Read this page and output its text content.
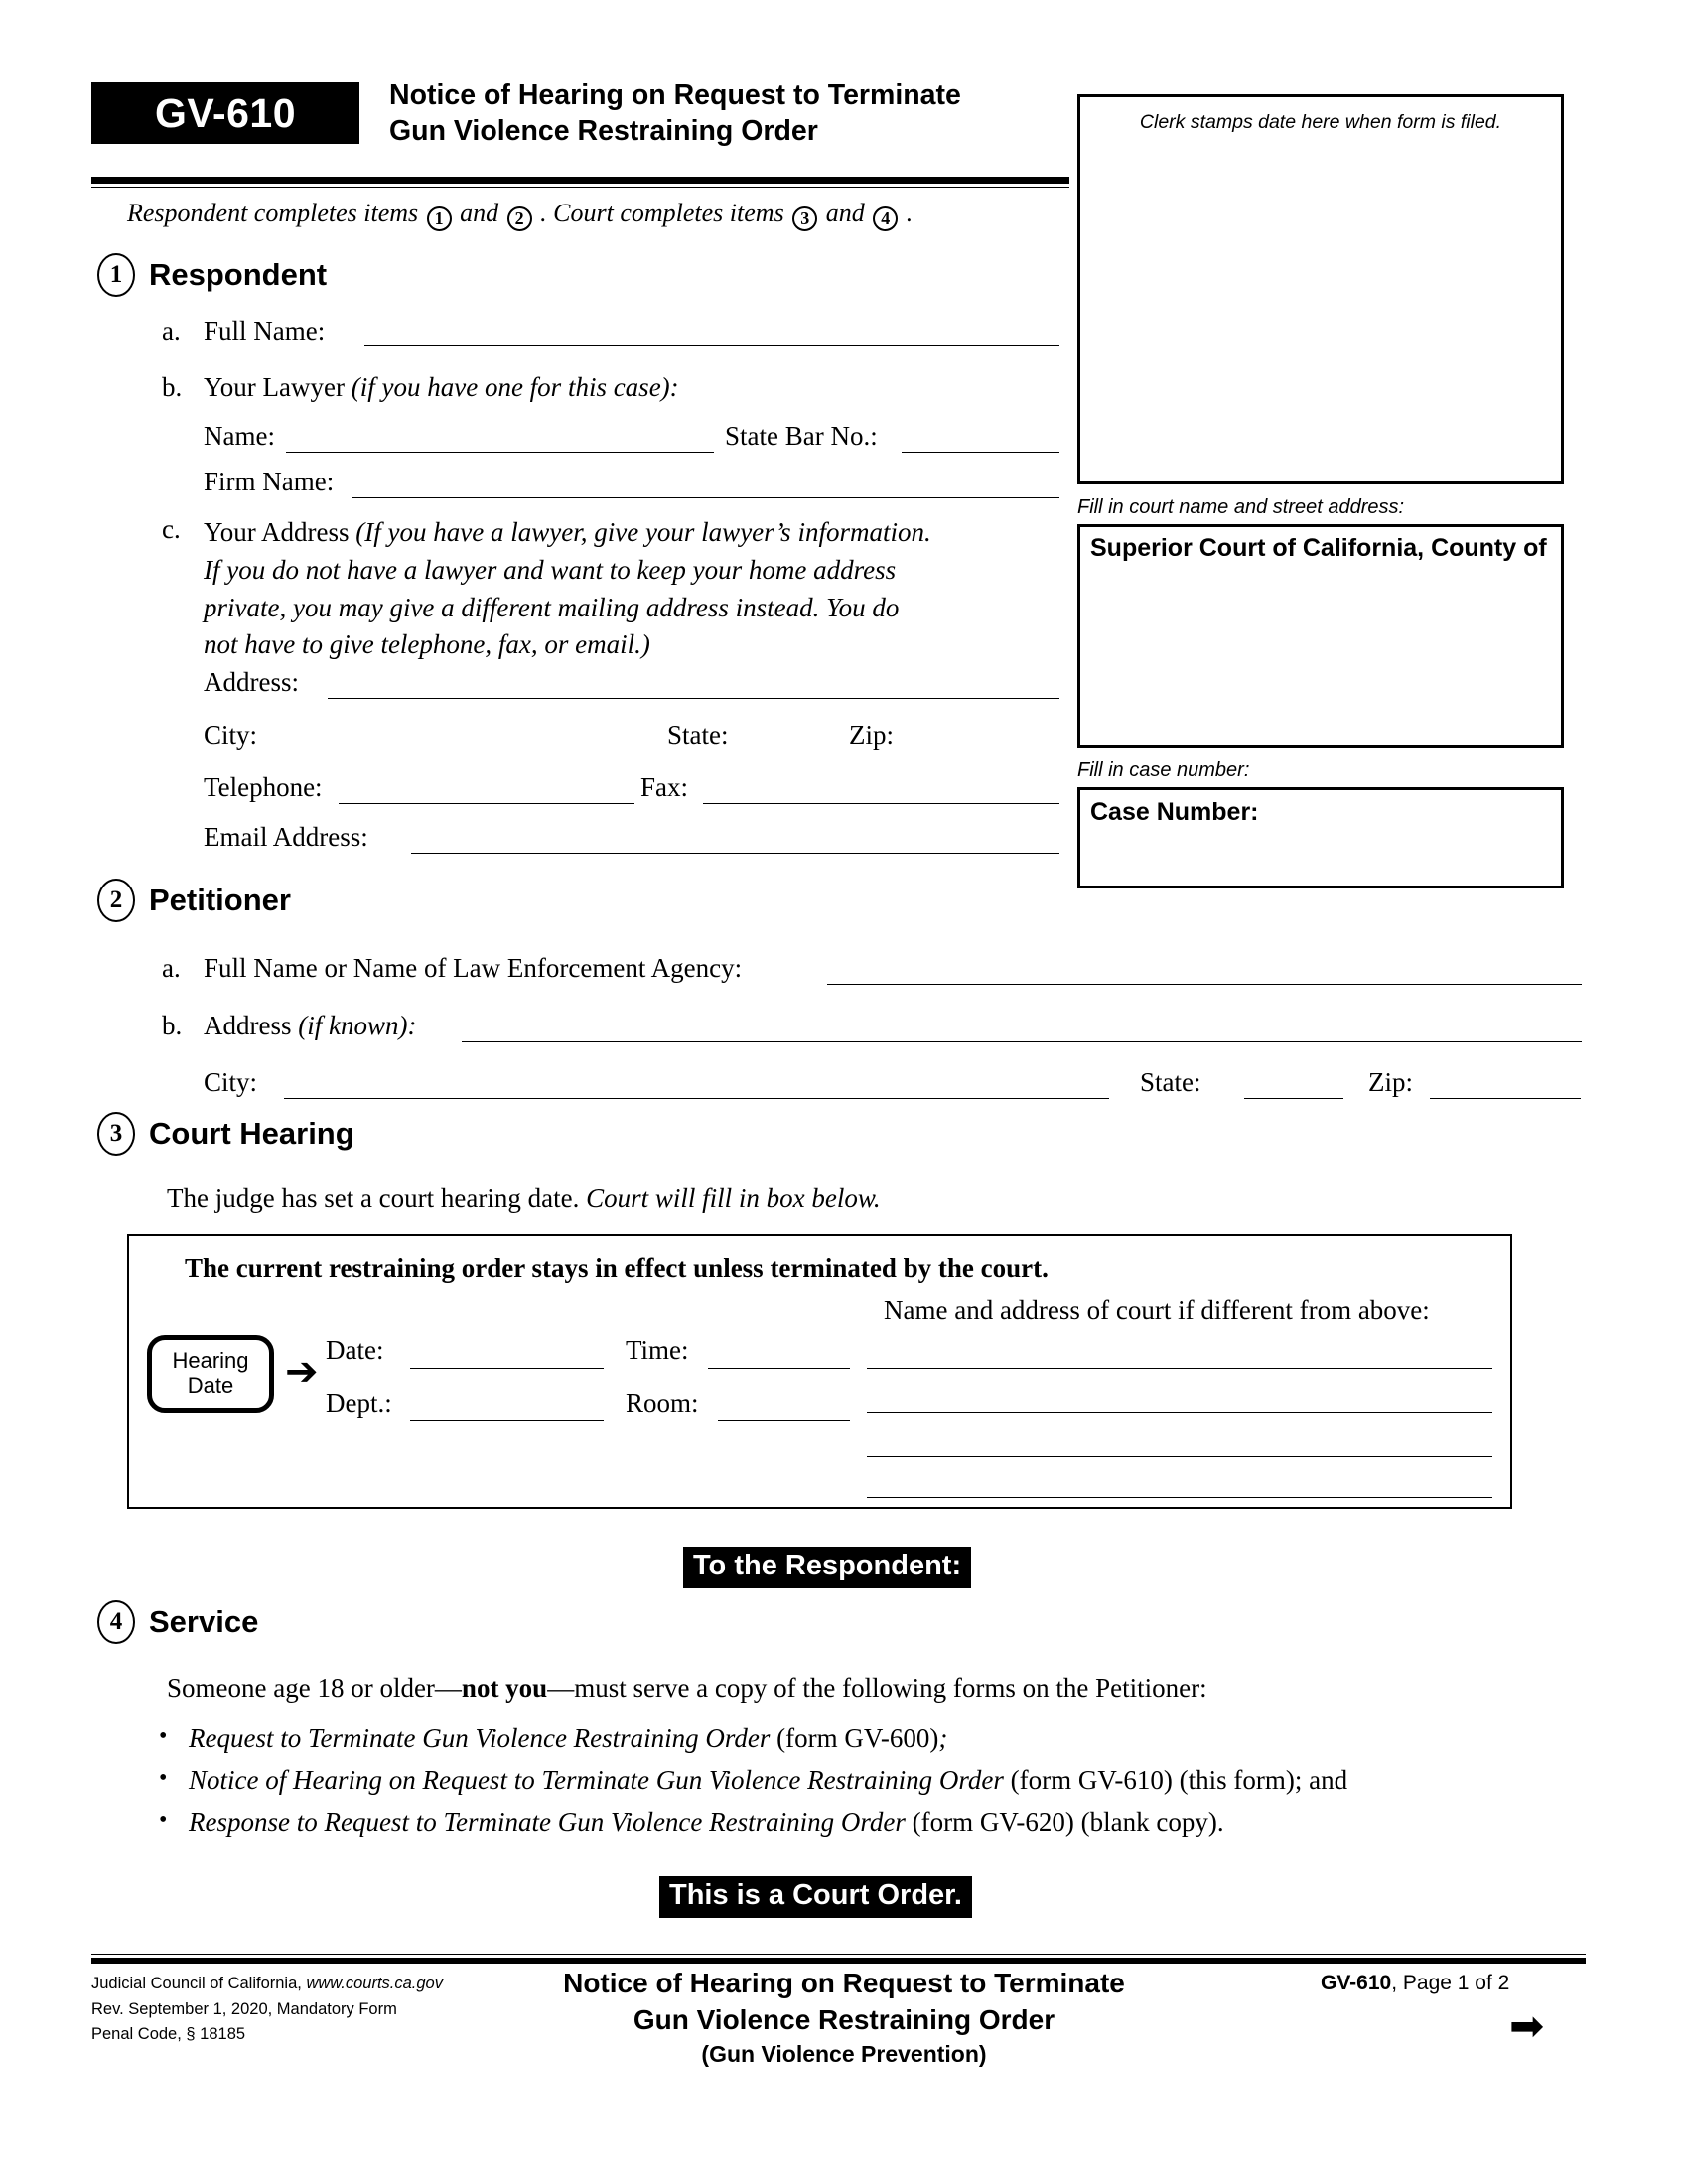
GV-610	Notice of Hearing on Request to Terminate
Gun Violence Restraining Order
Respondent completes items 1 and 2 . Court completes items 3 and 4 .
Clerk stamps date here when form is filed.
Fill in court name and street address:
Superior Court of California, County of
Fill in case number:
Case Number:
1 Respondent
a. Full Name:
b. Your Lawyer (if you have one for this case):
Name:	State Bar No.:
Firm Name:
c. Your Address (If you have a lawyer, give your lawyer’s information.
If you do not have a lawyer and want to keep your home address
private, you may give a different mailing address instead. You do
not have to give telephone, fax, or email.)
Address:
City:	State:	Zip:
Telephone:	Fax:
Email Address:
2 Petitioner
a. Full Name or Name of Law Enforcement Agency:
b. Address (if known):
City:	State:	Zip:
3 Court Hearing
The judge has set a court hearing date. Court will fill in box below.
The current restraining order stays in effect unless terminated by the court.
Hearing
Date ➔ Date:	Time:
Dept.:	Room:
Name and address of court if different from above:
To the Respondent:
4 Service
Someone age 18 or older—not you—must serve a copy of the following forms on the Petitioner:
• Request to Terminate Gun Violence Restraining Order (form GV-600);
• Notice of Hearing on Request to Terminate Gun Violence Restraining Order (form GV-610) (this form); and
• Response to Request to Terminate Gun Violence Restraining Order (form GV-620) (blank copy).
This is a Court Order.
Judicial Council of California, www.courts.ca.gov
Rev. September 1, 2020, Mandatory Form
Penal Code, § 18185
Notice of Hearing on Request to Terminate
Gun Violence Restraining Order
(Gun Violence Prevention)
GV-610, Page 1 of 2
➡
